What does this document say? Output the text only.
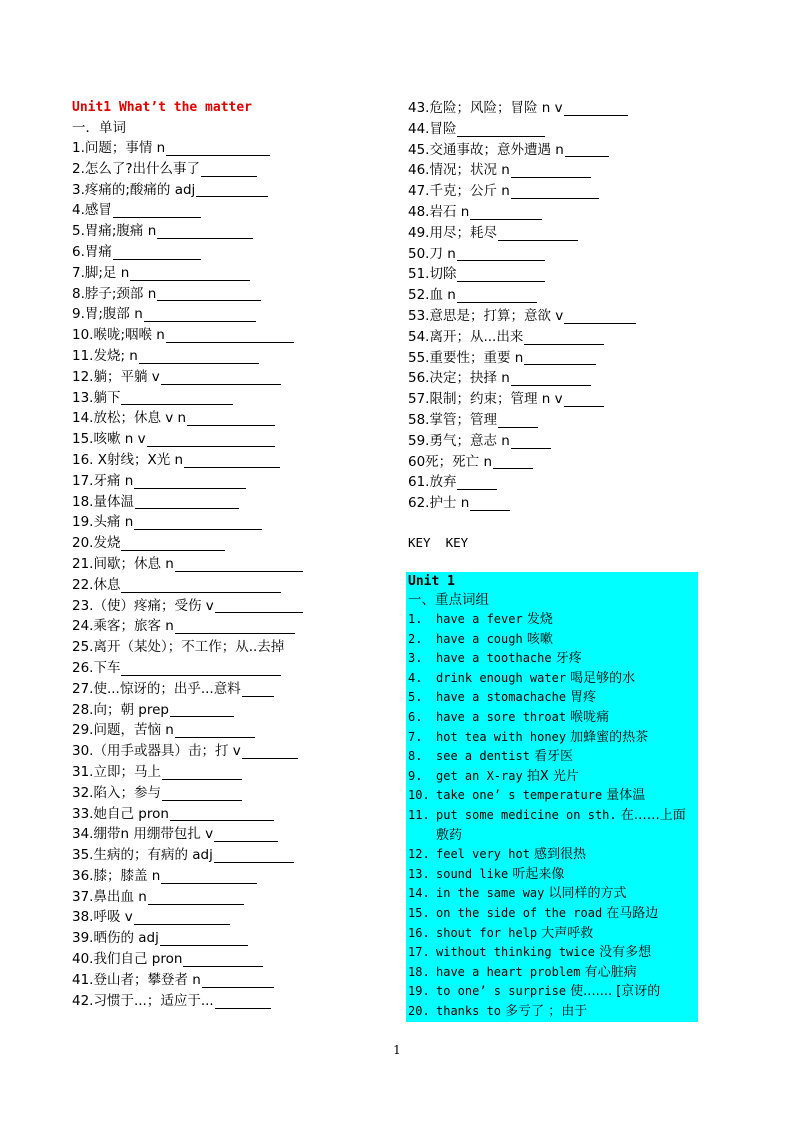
Unit1 What’t the matter
一．单词
1.问题；事情 n
2.怎么了?出什么事了
3.疼痛的;酸痛的 adj
4.感冒
5.胃痛;腹痛 n
6.胃痛
7.脚;足 n
8.脖子;颈部 n
9.胃;腹部 n
10.喉咙;咽喉 n
11.发烧; n
12.躺；平躺 v
13.躺下
14.放松；休息 v n
15.咳嗽 n v
16. X射线；X光 n
17.牙痛 n
18.量体温
19.头痛 n
20.发烧
21.间歇；休息 n
22.休息
23.（使）疼痛；受伤 v
24.乘客；旅客 n
25.离开（某处）；不工作；从..去掉
26.下车
27.使...惊讶的；出乎...意料
28.向；朝 prep
29.问题，苦恼 n
30.（用手或器具）击；打 v
31.立即；马上
32.陷入；参与
33.她自己 pron
34.绷带n 用绷带包扎 v
35.生病的；有病的 adj
36.膝；膝盖 n
37.鼻出血 n
38.呼吸 v
39.晒伤的 adj
40.我们自己 pron
41.登山者；攀登者 n
42.习惯于...；适应于...
43.危险；风险；冒险 n v
44.冒险
45.交通事故；意外遭遇 n
46.情况；状况 n
47.千克；公斤 n
48.岩石 n
49.用尽；耗尽
50.刀 n
51.切除
52.血 n
53.意思是；打算；意欲 v
54.离开；从...出来
55.重要性；重要 n
56.决定；抉择 n
57.限制；约束；管理 n v
58.掌管；管理
59.勇气；意志 n
60死；死亡 n
61.放弃
62.护士 n
KEY  KEY
Unit 1
一、重点词组
1.	have a fever 发烧
2.	have a cough 咳嗽
3.	have a toothache 牙疼
4.	drink enough water 喝足够的水
5.	have a stomachache 胃疼
6.	have a sore throat 喉咙痛
7.	hot tea with honey 加蜂蜜的热茶
8.	see a dentist 看牙医
9.	get an X-ray 拍X 光片
10. take one’ s temperature 量体温
11. put some medicine on sth. 在……上面敷药
12. feel very hot 感到很热
13. sound like 听起来像
14. in the same way 以同样的方式
15. on the side of the road 在马路边
16. shout for help 大声呼救
17. without thinking twice 没有多想
18. have a heart problem 有心脏病
19. to one’ s surprise 使....... [京讶的
20. thanks to 多亏了 ；由于
1
